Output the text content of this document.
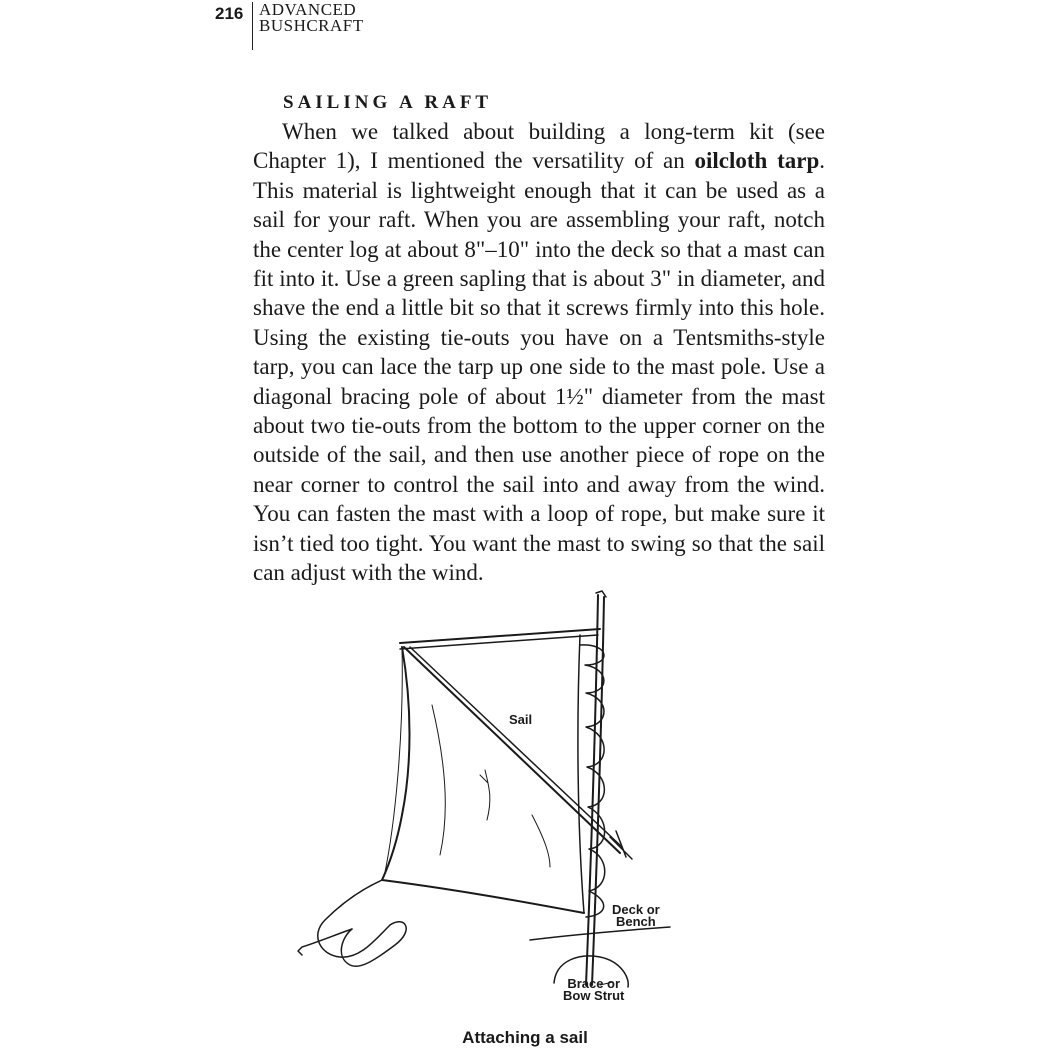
216 ADVANCED
BUSHCRAFT
SAILING A RAFT

When we talked about building a long-term kit (see Chapter 1), I mentioned the versatility of an oilcloth tarp. This material is lightweight enough that it can be used as a sail for your raft. When you are assembling your raft, notch the center log at about 8"–10" into the deck so that a mast can fit into it. Use a green sapling that is about 3" in diameter, and shave the end a little bit so that it screws firmly into this hole. Using the existing tie-outs you have on a Tentsmiths-style tarp, you can lace the tarp up one side to the mast pole. Use a diagonal bracing pole of about 1½" diameter from the mast about two tie-outs from the bottom to the upper corner on the outside of the sail, and then use another piece of rope on the near corner to control the sail into and away from the wind. You can fasten the mast with a loop of rope, but make sure it isn’t tied too tight. You want the mast to swing so that the sail can adjust with the wind.

Sail
Deck or
Bench
Brace or
Bow Strut
Attaching a sail
